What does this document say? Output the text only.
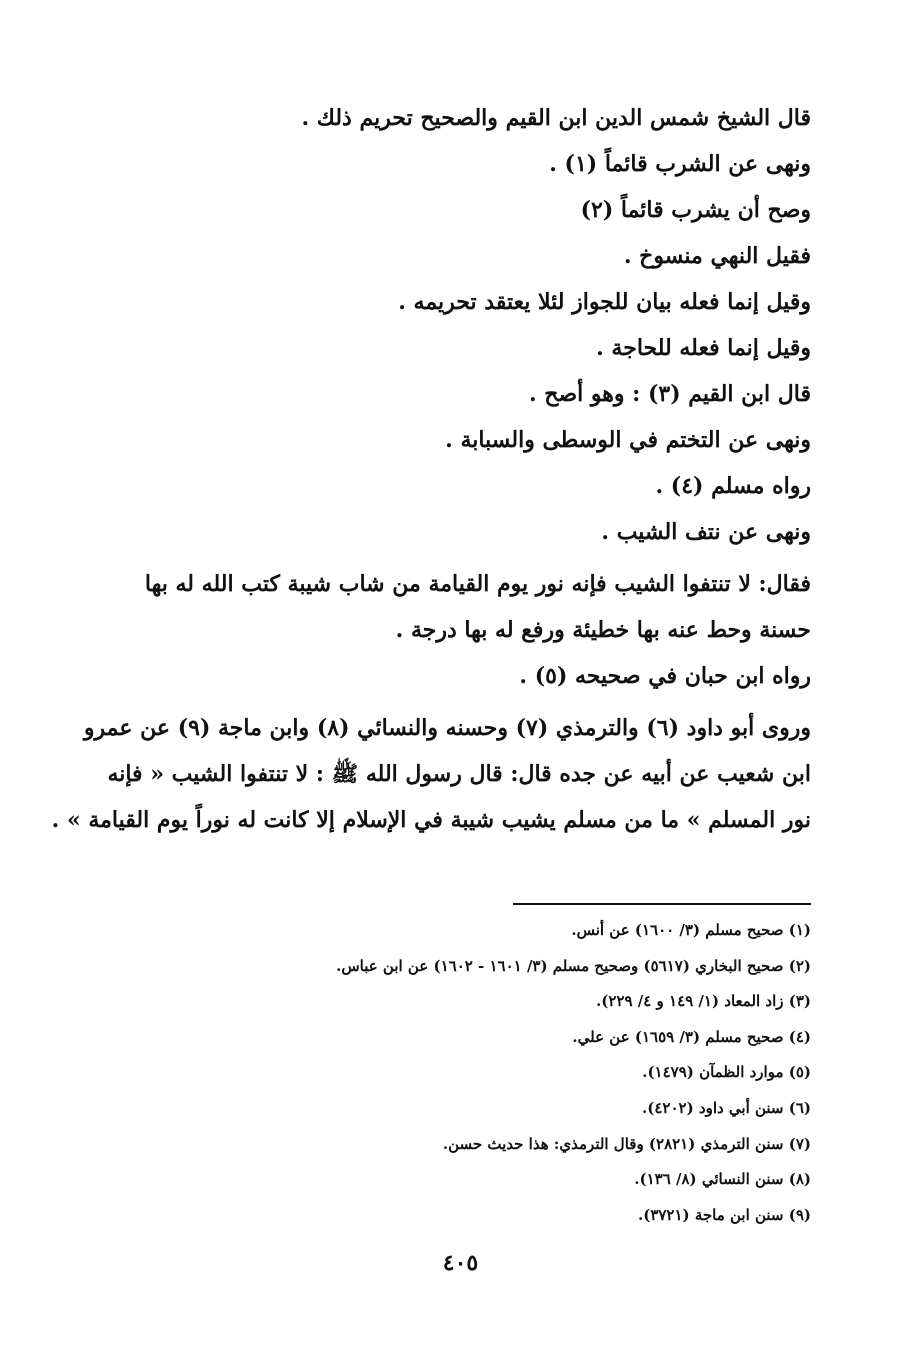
قال الشيخ شمس الدين ابن القيم والصحيح تحريم ذلك .
ونهى عن الشرب قائماً (١) .
وصح أن يشرب قائماً (٢)
فقيل النهي منسوخ .
وقيل إنما فعله بيان للجواز لئلا يعتقد تحريمه .
وقيل إنما فعله للحاجة .
قال ابن القيم (٣) : وهو أصح .
ونهى عن التختم في الوسطى والسبابة .
رواه مسلم (٤) .
ونهى عن نتف الشيب .
فقال: لا تنتفوا الشيب فإنه نور يوم القيامة من شاب شيبة كتب الله له بها
حسنة وحط عنه بها خطيئة ورفع له بها درجة .
رواه ابن حبان في صحيحه (٥) .
وروى أبو داود (٦) والترمذي (٧) وحسنه والنسائي (٨) وابن ماجة (٩) عن عمرو
ابن شعيب عن أبيه عن جده قال: قال رسول الله ﷺ : لا تنتفوا الشيب « فإنه
نور المسلم » ما من مسلم يشيب شيبة في الإسلام إلا كانت له نوراً يوم القيامة » .
(١) صحيح مسلم (٣/ ١٦٠٠) عن أنس.
(٢) صحيح البخاري (٥٦١٧) وصحيح مسلم (٣/ ١٦٠١ - ١٦٠٢) عن ابن عباس.
(٣) زاد المعاد (١/ ١٤٩ و ٤/ ٢٢٩).
(٤) صحيح مسلم (٣/ ١٦٥٩) عن علي.
(٥) موارد الظمآن (١٤٧٩).
(٦) سنن أبي داود (٤٢٠٢).
(٧) سنن الترمذي (٢٨٢١) وقال الترمذي: هذا حديث حسن.
(٨) سنن النسائي (٨/ ١٣٦).
(٩) سنن ابن ماجة (٣٧٢١).
٤٠٥
